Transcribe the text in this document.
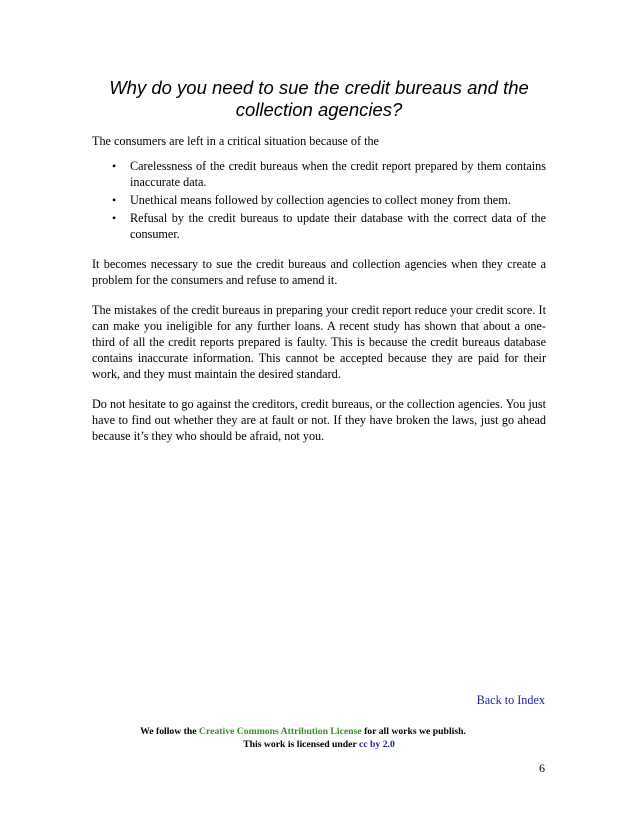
Why do you need to sue the credit bureaus and the collection agencies?

The consumers are left in a critical situation because of the

• Carelessness of the credit bureaus when the credit report prepared by them contains inaccurate data.
• Unethical means followed by collection agencies to collect money from them.
• Refusal by the credit bureaus to update their database with the correct data of the consumer.

It becomes necessary to sue the credit bureaus and collection agencies when they create a problem for the consumers and refuse to amend it.

The mistakes of the credit bureaus in preparing your credit report reduce your credit score. It can make you ineligible for any further loans. A recent study has shown that about a one-third of all the credit reports prepared is faulty. This is because the credit bureaus database contains inaccurate information. This cannot be accepted because they are paid for their work, and they must maintain the desired standard.

Do not hesitate to go against the creditors, credit bureaus, or the collection agencies. You just have to find out whether they are at fault or not. If they have broken the laws, just go ahead because it’s they who should be afraid, not you.

Back to Index
We follow the Creative Commons Attribution License for all works we publish.
This work is licensed under cc by 2.0
6
